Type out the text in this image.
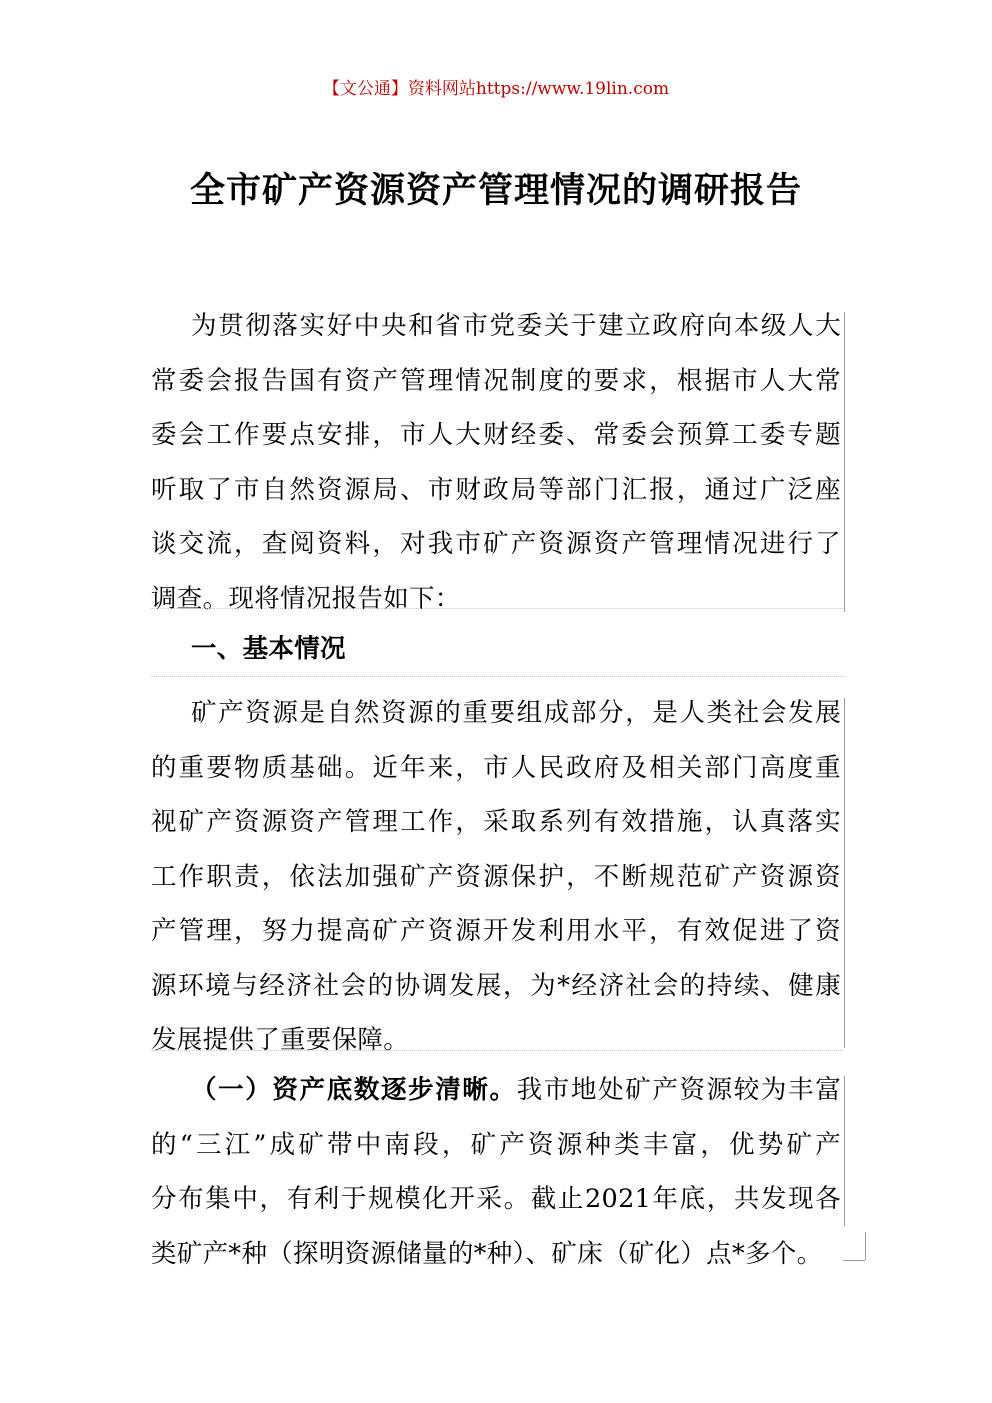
【文公通】资料网站https://www.19lin.com
全市矿产资源资产管理情况的调研报告
为贯彻落实好中央和省市党委关于建立政府向本级人大
常委会报告国有资产管理情况制度的要求，根据市人大常
委会工作要点安排，市人大财经委、常委会预算工委专题
听取了市自然资源局、市财政局等部门汇报，通过广泛座
谈交流，查阅资料，对我市矿产资源资产管理情况进行了
调查。现将情况报告如下：
一、基本情况
矿产资源是自然资源的重要组成部分，是人类社会发展
的重要物质基础。近年来，市人民政府及相关部门高度重
视矿产资源资产管理工作，采取系列有效措施，认真落实
工作职责，依法加强矿产资源保护，不断规范矿产资源资
产管理，努力提高矿产资源开发利用水平，有效促进了资
源环境与经济社会的协调发展，为*经济社会的持续、健康
发展提供了重要保障。
（一）资产底数逐步清晰。我市地处矿产资源较为丰富
的“三江”成矿带中南段，矿产资源种类丰富，优势矿产
分布集中，有利于规模化开采。截止2021年底，共发现各
类矿产*种（探明资源储量的*种）、矿床（矿化）点*多个。
